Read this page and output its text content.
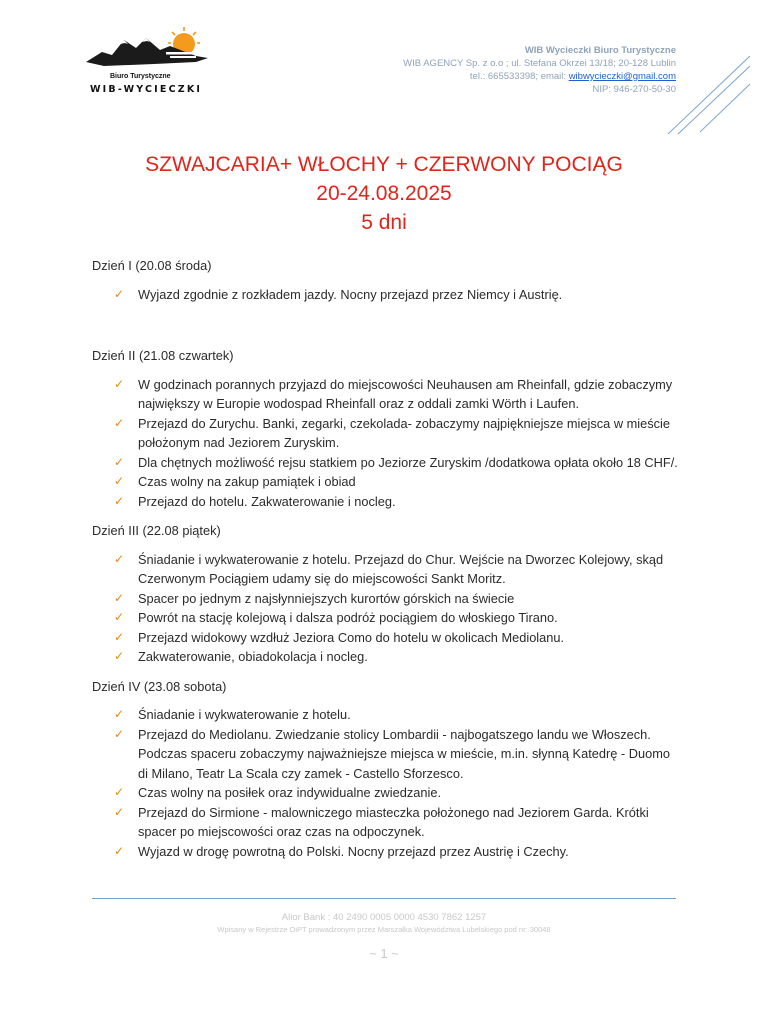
Biuro Turystyczne
WIB-WYCIECZKI
WIB Wycieczki Biuro Turystyczne
WIB AGENCY Sp. z o.o ; ul. Stefana Okrzei 13/18; 20-128 Lublin
tel.: 665533398; email: wibwycieczki@gmail.com
NIP: 946-270-50-30
SZWAJCARIA+ WŁOCHY + CZERWONY POCIĄG
20-24.08.2025
5 dni
Dzień I (20.08 środa)
✓ Wyjazd zgodnie z rozkładem jazdy. Nocny przejazd przez Niemcy i Austrię.
Dzień II (21.08 czwartek)
✓ W godzinach porannych przyjazd do miejscowości Neuhausen am Rheinfall, gdzie zobaczymy największy w Europie wodospad Rheinfall oraz z oddali zamki Wörth i Laufen.
✓ Przejazd do Zurychu. Banki, zegarki, czekolada- zobaczymy najpiękniejsze miejsca w mieście położonym nad Jeziorem Zuryskim.
✓ Dla chętnych możliwość rejsu statkiem po Jeziorze Zuryskim /dodatkowa opłata około 18 CHF/.
✓ Czas wolny na zakup pamiątek i obiad
✓ Przejazd do hotelu. Zakwaterowanie i nocleg.
Dzień III (22.08 piątek)
✓ Śniadanie i wykwaterowanie z hotelu. Przejazd do Chur. Wejście na Dworzec Kolejowy, skąd Czerwonym Pociągiem udamy się do miejscowości Sankt Moritz.
✓ Spacer po jednym z najsłynniejszych kurortów górskich na świecie
✓ Powrót na stację kolejową i dalsza podróż pociągiem do włoskiego Tirano.
✓ Przejazd widokowy wzdłuż Jeziora Como do hotelu w okolicach Mediolanu.
✓ Zakwaterowanie, obiadokolacja i nocleg.
Dzień IV (23.08 sobota)
✓ Śniadanie i wykwaterowanie z hotelu.
✓ Przejazd do Mediolanu. Zwiedzanie stolicy Lombardii - najbogatszego landu we Włoszech. Podczas spaceru zobaczymy najważniejsze miejsca w mieście, m.in. słynną Katedrę - Duomo di Milano, Teatr La Scala czy zamek - Castello Sforzesco.
✓ Czas wolny na posiłek oraz indywidualne zwiedzanie.
✓ Przejazd do Sirmione - malowniczego miasteczka położonego nad Jeziorem Garda. Krótki spacer po miejscowości oraz czas na odpoczynek.
✓ Wyjazd w drogę powrotną do Polski. Nocny przejazd przez Austrię i Czechy.
Alior Bank : 40 2490 0005 0000 4530 7862 1257
Wpisany w Rejestrze OiPT prowadzonym przez Marszałka Województwa Lubelskiego pod nr: 30048
~ 1 ~
